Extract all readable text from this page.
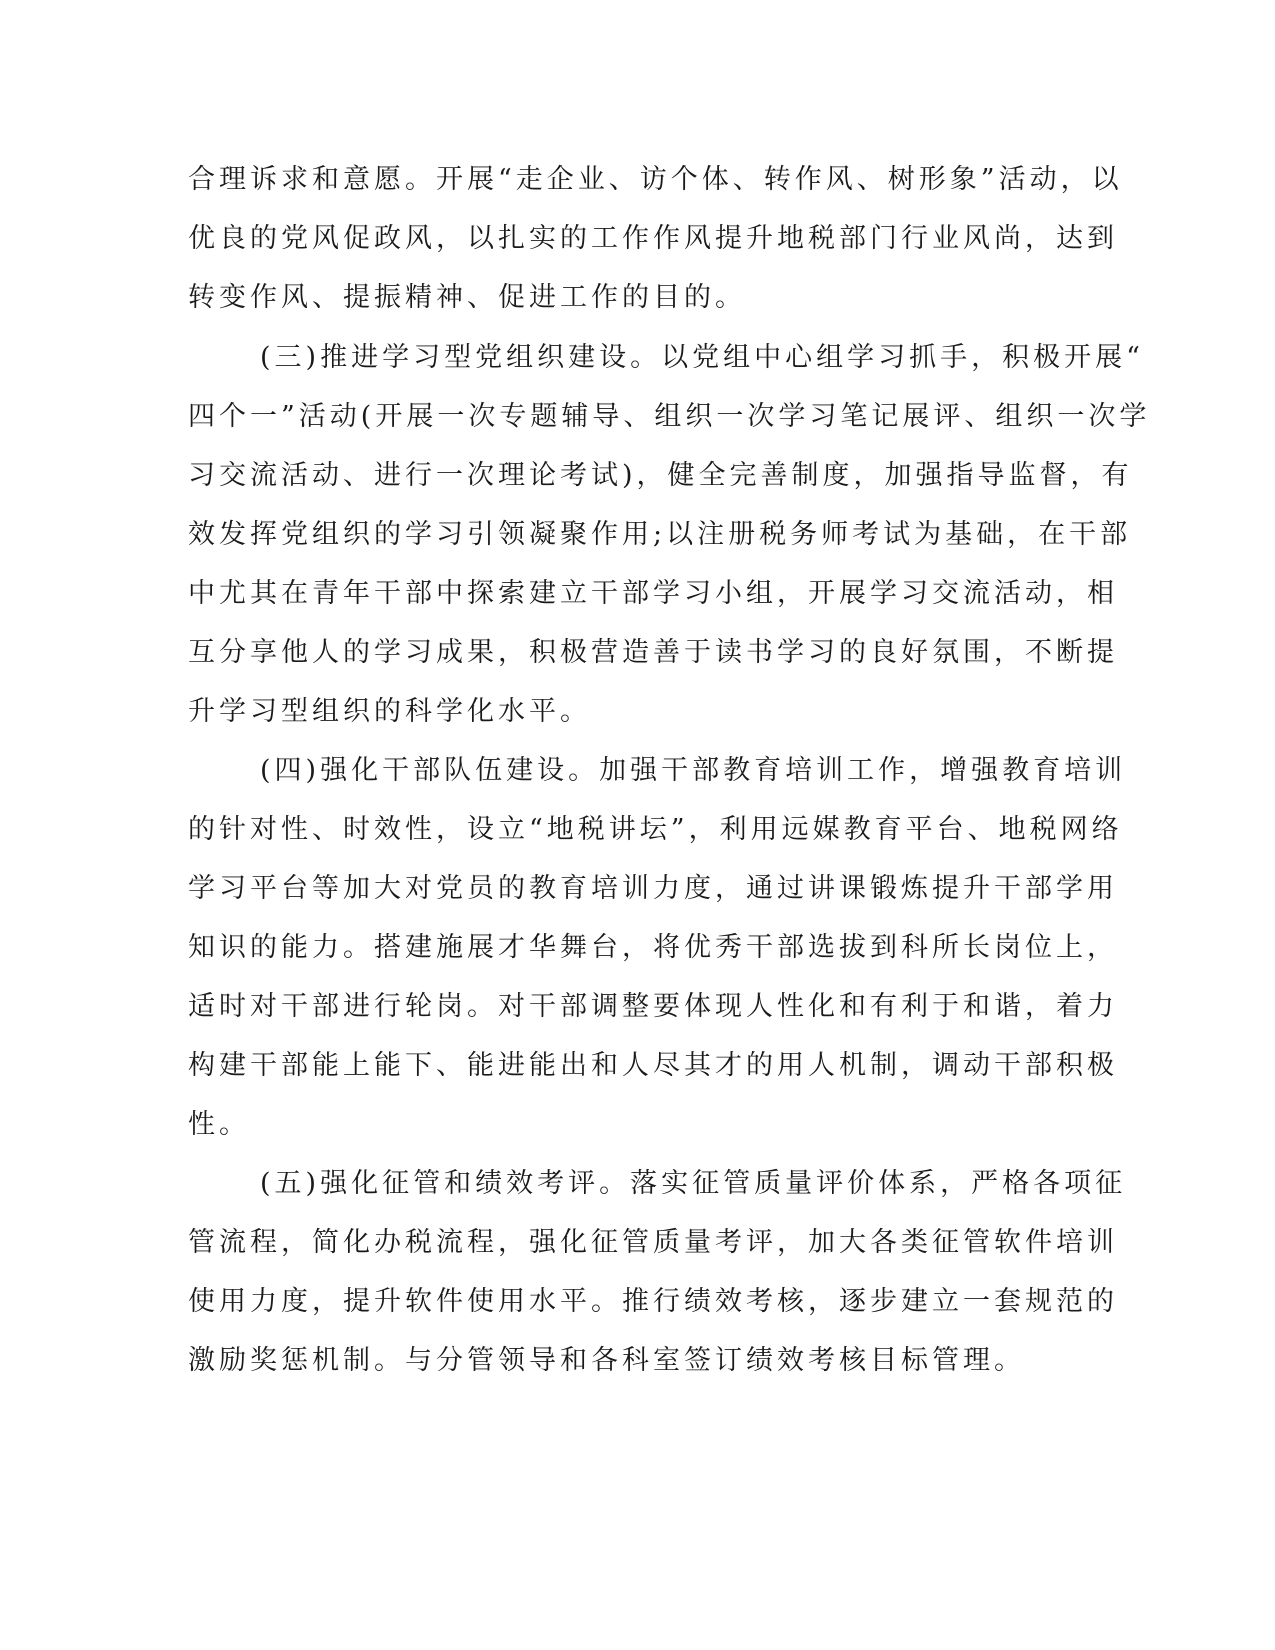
合理诉求和意愿。开展“走企业、访个体、转作风、树形象”活动，以
优良的党风促政风，以扎实的工作作风提升地税部门行业风尚，达到
转变作风、提振精神、促进工作的目的。
(三)推进学习型党组织建设。以党组中心组学习抓手，积极开展“
四个一”活动(开展一次专题辅导、组织一次学习笔记展评、组织一次学
习交流活动、进行一次理论考试)，健全完善制度，加强指导监督，有
效发挥党组织的学习引领凝聚作用;以注册税务师考试为基础，在干部
中尤其在青年干部中探索建立干部学习小组，开展学习交流活动，相
互分享他人的学习成果，积极营造善于读书学习的良好氛围，不断提
升学习型组织的科学化水平。
(四)强化干部队伍建设。加强干部教育培训工作，增强教育培训
的针对性、时效性，设立“地税讲坛”，利用远媒教育平台、地税网络
学习平台等加大对党员的教育培训力度，通过讲课锻炼提升干部学用
知识的能力。搭建施展才华舞台，将优秀干部选拔到科所长岗位上，
适时对干部进行轮岗。对干部调整要体现人性化和有利于和谐，着力
构建干部能上能下、能进能出和人尽其才的用人机制，调动干部积极
性。
(五)强化征管和绩效考评。落实征管质量评价体系，严格各项征
管流程，简化办税流程，强化征管质量考评，加大各类征管软件培训
使用力度，提升软件使用水平。推行绩效考核，逐步建立一套规范的
激励奖惩机制。与分管领导和各科室签订绩效考核目标管理。
